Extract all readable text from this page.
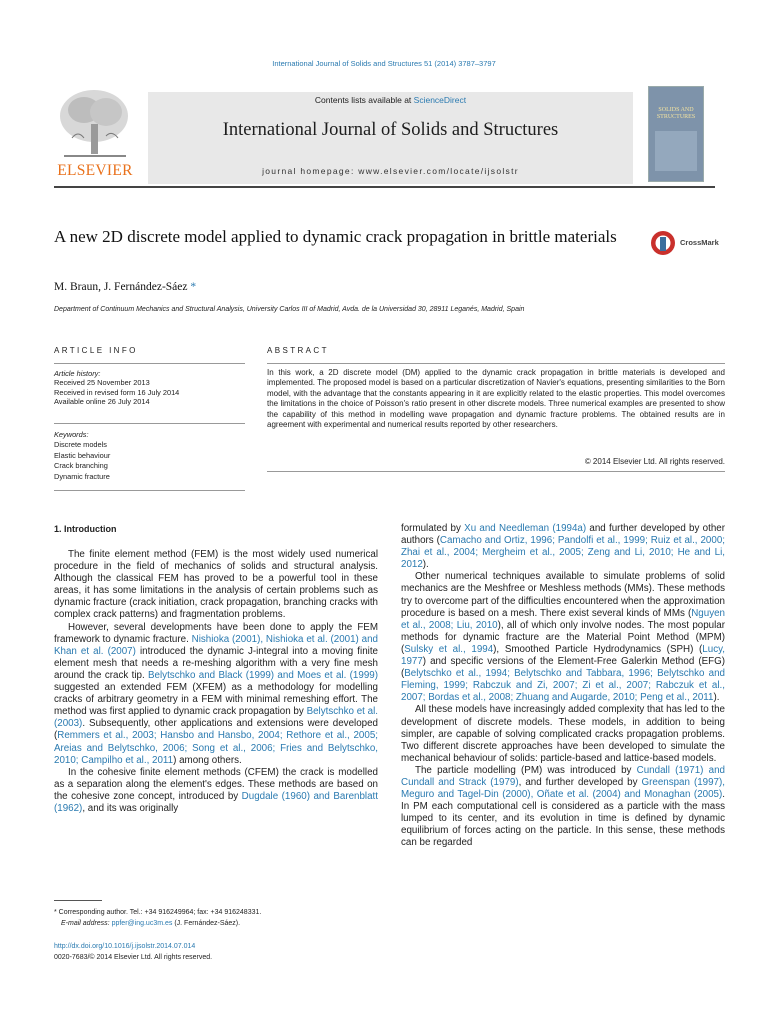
International Journal of Solids and Structures 51 (2014) 3787–3797
ELSEVIER
Contents lists available at ScienceDirect
International Journal of Solids and Structures
journal homepage: www.elsevier.com/locate/ijsolstr
SOLIDS AND
STRUCTURES
A new 2D discrete model applied to dynamic crack propagation in brittle materials	CrossMark
M. Braun, J. Fernández-Sáez *
Department of Continuum Mechanics and Structural Analysis, University Carlos III of Madrid, Avda. de la Universidad 30, 28911 Leganés, Madrid, Spain
ARTICLE INFO
Article history:
Received 25 November 2013
Received in revised form 16 July 2014
Available online 26 July 2014
Keywords:
Discrete models
Elastic behaviour
Crack branching
Dynamic fracture
ABSTRACT
In this work, a 2D discrete model (DM) applied to the dynamic crack propagation in brittle materials is developed and implemented. The proposed model is based on a particular discretization of Navier's equations, presenting similarities to the Born model, with the advantage that the constants appearing in it are explicitly related to the elastic properties. This model overcomes the limitations in the choice of Poisson's ratio present in other discrete models. Three numerical examples are presented to show the capability of this method in modelling wave propagation and dynamic fracture problems. The obtained results are in agreement with experimental and numerical results reported by other researchers.
© 2014 Elsevier Ltd. All rights reserved.
1. Introduction

The finite element method (FEM) is the most widely used numerical procedure in the field of mechanics of solids and structural analysis. Although the classical FEM has proved to be a powerful tool in these areas, it has some limitations in the analysis of certain problems such as dynamic fracture (crack initiation, crack propagation, branching cracks with complex crack patterns) and fragmentation problems.

However, several developments have been done to apply the FEM framework to dynamic fracture. Nishioka (2001), Nishioka et al. (2001) and Khan et al. (2007) introduced the dynamic J-integral into a moving finite element mesh that needs a re-meshing algorithm with a very fine mesh around the crack tip. Belytschko and Black (1999) and Moes et al. (1999) suggested an extended FEM (XFEM) as a methodology for modelling cracks of arbitrary geometry in a FEM with minimal remeshing effort. The method was first applied to dynamic crack propagation by Belytschko et al. (2003). Subsequently, other applications and extensions were developed (Remmers et al., 2003; Hansbo and Hansbo, 2004; Rethore et al., 2005; Areias and Belytschko, 2006; Song et al., 2006; Fries and Belytschko, 2010; Campilho et al., 2011) among others.

In the cohesive finite element methods (CFEM) the crack is modelled as a separation along the element's edges. These methods are based on the cohesive zone concept, introduced by Dugdale (1960) and Barenblatt (1962), and its was originally

formulated by Xu and Needleman (1994a) and further developed by other authors (Camacho and Ortiz, 1996; Pandolfi et al., 1999; Ruiz et al., 2000; Zhai et al., 2004; Mergheim et al., 2005; Zeng and Li, 2010; He and Li, 2012).

Other numerical techniques available to simulate problems of solid mechanics are the Meshfree or Meshless methods (MMs). These methods try to overcome part of the difficulties encountered when the approximation procedure is based on a mesh. There exist several kinds of MMs (Nguyen et al., 2008; Liu, 2010), all of which only involve nodes. The most popular methods for dynamic fracture are the Material Point Method (MPM) (Sulsky et al., 1994), Smoothed Particle Hydrodynamics (SPH) (Lucy, 1977) and specific versions of the Element-Free Galerkin Method (EFG) (Belytschko et al., 1994; Belytschko and Tabbara, 1996; Belytschko and Fleming, 1999; Rabczuk and Zi, 2007; Zi et al., 2007; Rabczuk et al., 2007; Bordas et al., 2008; Zhuang and Augarde, 2010; Peng et al., 2011).

All these models have increasingly added complexity that has led to the development of discrete models. These models, in addition to being simpler, are capable of solving complicated cracks propagation problems. Two different discrete approaches have been developed to simulate the mechanical behaviour of solids: particle-based and lattice-based models.

The particle modelling (PM) was introduced by Cundall (1971) and Cundall and Strack (1979), and further developed by Greenspan (1997), Meguro and Tagel-Din (2000), Oñate et al. (2004) and Monaghan (2005). In PM each computational cell is considered as a particle with the mass lumped to its center, and its evolution in time is defined by dynamic equilibrium of forces acting on the particle. In this sense, these methods can be regarded

* Corresponding author. Tel.: +34 916249964; fax: +34 916248331.
E-mail address: ppfer@ing.uc3m.es (J. Fernández-Sáez).
http://dx.doi.org/10.1016/j.ijsolstr.2014.07.014
0020-7683/© 2014 Elsevier Ltd. All rights reserved.
